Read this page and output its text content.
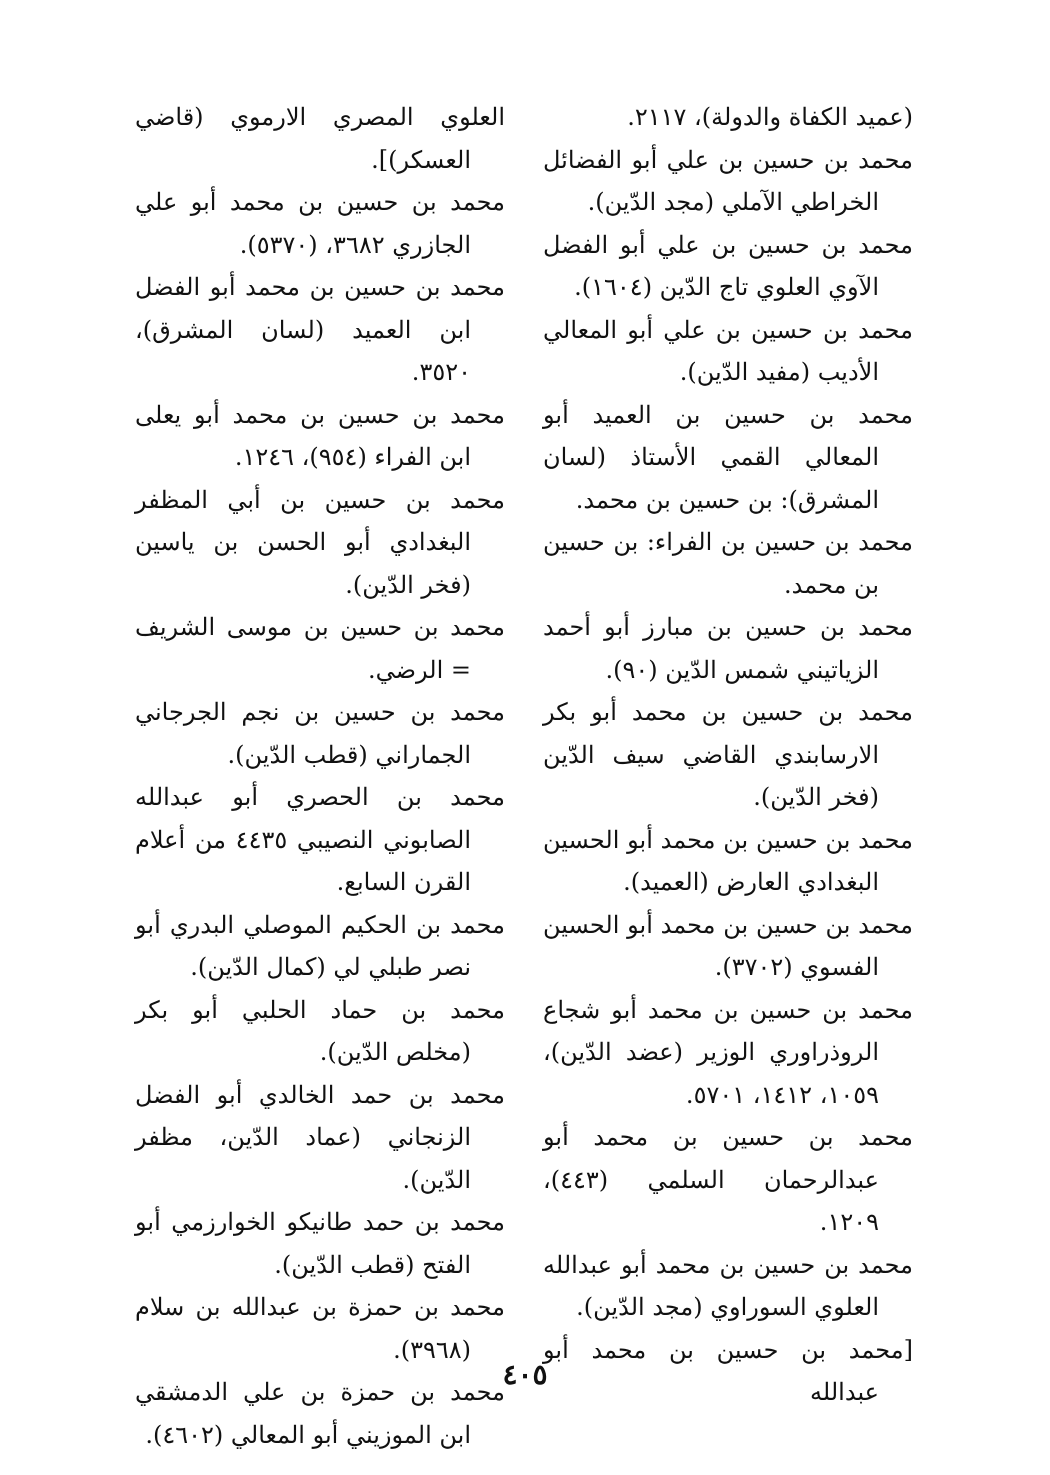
(عميد الكفاة والدولة)، ٢١١٧.

محمد بن حسين بن علي أبو الفضائل الخراطي الآملي (مجد الدّين).

محمد بن حسين بن علي أبو الفضل الآوي العلوي تاج الدّين (١٦٠٤).

محمد بن حسين بن علي أبو المعالي الأديب (مفيد الدّين).

محمد بن حسين بن العميد أبو المعالي القمي الأستاذ (لسان المشرق): بن حسين بن محمد.

محمد بن حسين بن الفراء: بن حسين بن محمد.

محمد بن حسين بن مبارز أبو أحمد الزياتيني شمس الدّين (٩٠).

محمد بن حسين بن محمد أبو بكر الارسابندي القاضي سيف الدّين (فخر الدّين).

محمد بن حسين بن محمد أبو الحسين البغدادي العارض (العميد).

محمد بن حسين بن محمد أبو الحسين الفسوي (٣٧٠٢).

محمد بن حسين بن محمد أبو شجاع الروذراوري الوزير (عضد الدّين)، ١٠٥٩، ١٤١٢، ٥٧٠١.

محمد بن حسين بن محمد أبو عبدالرحمان السلمي (٤٤٣)، ١٢٠٩.

محمد بن حسين بن محمد أبو عبدالله العلوي السوراوي (مجد الدّين).

[محمد بن حسين بن محمد أبو عبدالله

العلوي المصري الارموي (قاضي العسكر)].

محمد بن حسين بن محمد أبو علي الجازري ٣٦٨٢، (٥٣٧٠).

محمد بن حسين بن محمد أبو الفضل ابن العميد (لسان المشرق)، ٣٥٢٠.

محمد بن حسين بن محمد أبو يعلى ابن الفراء (٩٥٤)، ١٢٤٦.

محمد بن حسين بن أبي المظفر البغدادي أبو الحسن بن ياسين (فخر الدّين).

محمد بن حسين بن موسى الشريف = الرضي.

محمد بن حسين بن نجم الجرجاني الجماراني (قطب الدّين).

محمد بن الحصري أبو عبدالله الصابوني النصيبي ٤٤٣٥ من أعلام القرن السابع.

محمد بن الحكيم الموصلي البدري أبو نصر طبلي لي (كمال الدّين).

محمد بن حماد الحلبي أبو بكر (مخلص الدّين).

محمد بن حمد الخالدي أبو الفضل الزنجاني (عماد الدّين، مظفر الدّين).

محمد بن حمد طانيكو الخوارزمي أبو الفتح (قطب الدّين).

محمد بن حمزة بن عبدالله بن سلام (٣٩٦٨).

محمد بن حمزة بن علي الدمشقي ابن الموزيني أبو المعالي (٤٦٠٢).

٤٠٥
